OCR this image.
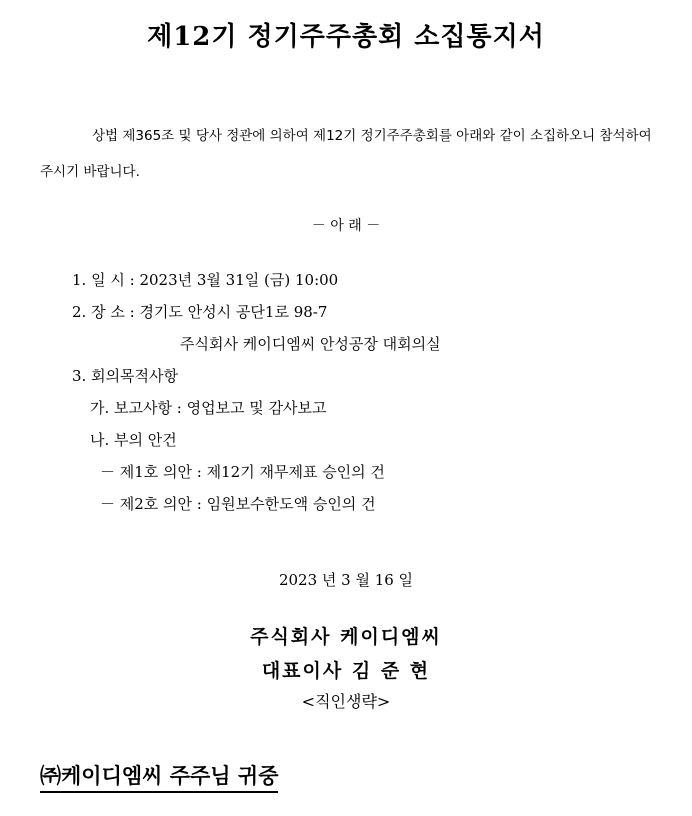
제12기 정기주주총회 소집통지서
상법 제365조 및 당사 정관에 의하여 제12기 정기주주총회를 아래와 같이 소집하오니 참석하여 주시기 바랍니다.
－ 아 래 －
1. 일 시 : 2023년 3월 31일 (금) 10:00
2. 장 소 : 경기도 안성시 공단1로 98-7
주식회사 케이디엠씨 안성공장 대회의실
3. 회의목적사항
가. 보고사항 : 영업보고 및 감사보고
나. 부의 안건
－ 제1호 의안 : 제12기 재무제표 승인의 건
－ 제2호 의안 : 임원보수한도액 승인의 건
2023 년 3 월 16 일
주식회사 케이디엠씨
대표이사 김 준 현
<직인생략>
㈜케이디엠씨 주주님 귀중
